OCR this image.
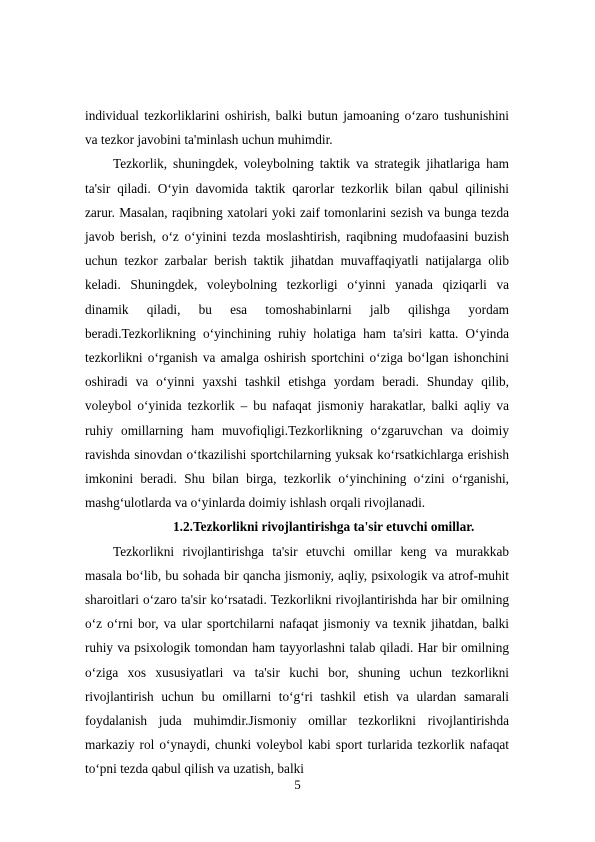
individual tezkorliklarini oshirish, balki butun jamoaning o‘zaro tushunishini va tezkor javobini ta'minlash uchun muhimdir.

Tezkorlik, shuningdek, voleybolning taktik va strategik jihatlariga ham ta'sir qiladi. O‘yin davomida taktik qarorlar tezkorlik bilan qabul qilinishi zarur. Masalan, raqibning xatolari yoki zaif tomonlarini sezish va bunga tezda javob berish, o‘z o‘yinini tezda moslashtirish, raqibning mudofaasini buzish uchun tezkor zarbalar berish taktik jihatdan muvaffaqiyatli natijalarga olib keladi. Shuningdek, voleybolning tezkorligi o‘yinni yanada qiziqarli va dinamik qiladi, bu esa tomoshabinlarni jalb qilishga yordam beradi.Tezkorlikning o‘yinchining ruhiy holatiga ham ta'siri katta. O‘yinda tezkorlikni o‘rganish va amalga oshirish sportchini o‘ziga bo‘lgan ishonchini oshiradi va o‘yinni yaxshi tashkil etishga yordam beradi. Shunday qilib, voleybol o‘yinida tezkorlik – bu nafaqat jismoniy harakatlar, balki aqliy va ruhiy omillarning ham muvofiqligi.Tezkorlikning o‘zgaruvchan va doimiy ravishda sinovdan o‘tkazilishi sportchilarning yuksak ko‘rsatkichlarga erishish imkonini beradi. Shu bilan birga, tezkorlik o‘yinchining o‘zini o‘rganishi, mashg‘ulotlarda va o‘yinlarda doimiy ishlash orqali rivojlanadi.

1.2.Tezkorlikni rivojlantirishga ta'sir etuvchi omillar.

Tezkorlikni rivojlantirishga ta'sir etuvchi omillar keng va murakkab masala bo‘lib, bu sohada bir qancha jismoniy, aqliy, psixologik va atrof-muhit sharoitlari o‘zaro ta'sir ko‘rsatadi. Tezkorlikni rivojlantirishda har bir omilning o‘z o‘rni bor, va ular sportchilarni nafaqat jismoniy va texnik jihatdan, balki ruhiy va psixologik tomondan ham tayyorlashni talab qiladi. Har bir omilning o‘ziga xos xususiyatlari va ta'sir kuchi bor, shuning uchun tezkorlikni rivojlantirish uchun bu omillarni to‘g‘ri tashkil etish va ulardan samarali foydalanish juda muhimdir.Jismoniy omillar tezkorlikni rivojlantirishda markaziy rol o‘ynaydi, chunki voleybol kabi sport turlarida tezkorlik nafaqat to‘pni tezda qabul qilish va uzatish, balki

5
